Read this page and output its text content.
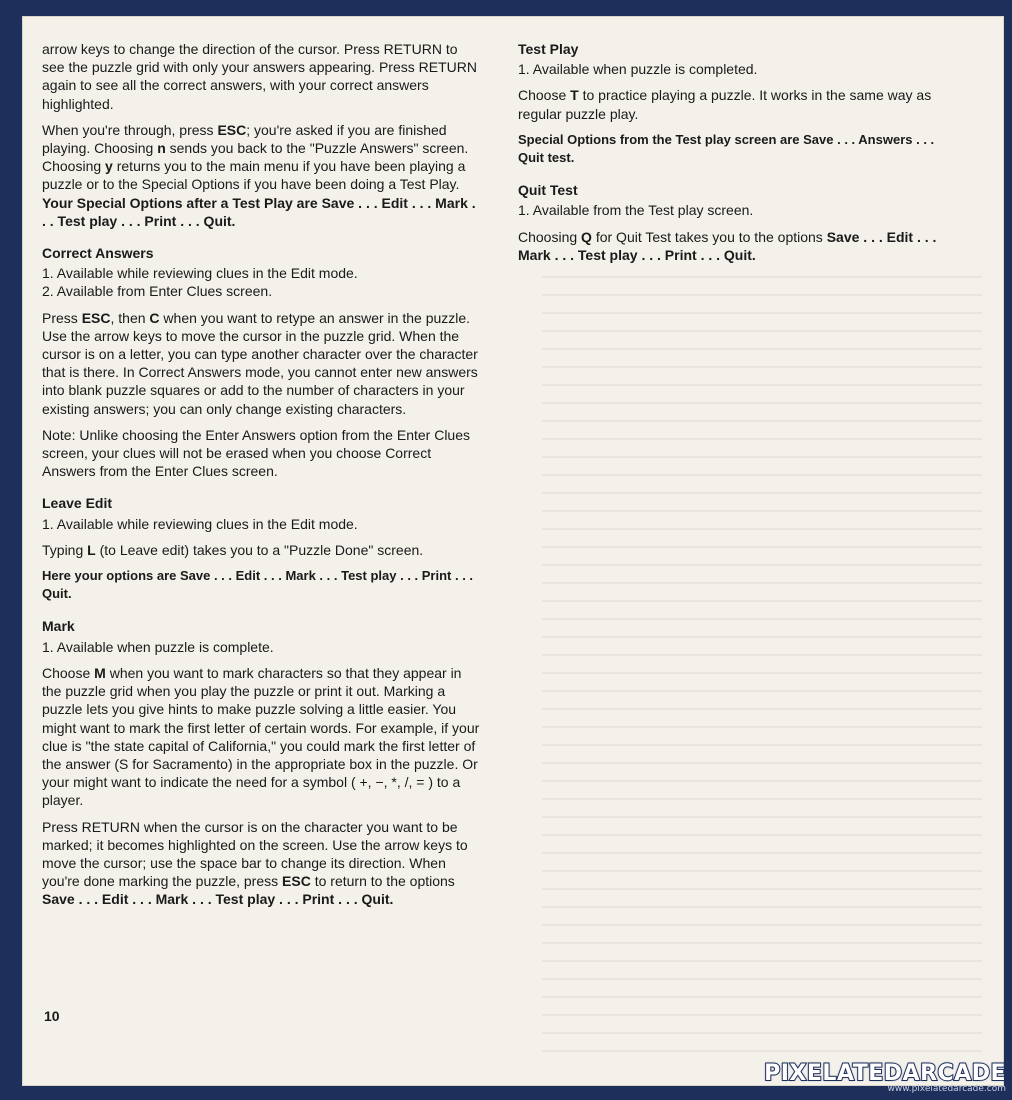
arrow keys to change the direction of the cursor. Press RETURN to see the puzzle grid with only your answers appearing. Press RETURN again to see all the correct answers, with your correct answers highlighted.

When you're through, press ESC; you're asked if you are finished playing. Choosing n sends you back to the "Puzzle Answers" screen. Choosing y returns you to the main menu if you have been playing a puzzle or to the Special Options if you have been doing a Test Play. Your Special Options after a Test Play are Save . . . Edit . . . Mark . . . Test play . . . Print . . . Quit.

Correct Answers
1. Available while reviewing clues in the Edit mode.

2. Available from Enter Clues screen.

Press ESC, then C when you want to retype an answer in the puzzle. Use the arrow keys to move the cursor in the puzzle grid. When the cursor is on a letter, you can type another character over the character that is there. In Correct Answers mode, you cannot enter new answers into blank puzzle squares or add to the number of characters in your existing answers; you can only change existing characters.

Note: Unlike choosing the Enter Answers option from the Enter Clues screen, your clues will not be erased when you choose Correct Answers from the Enter Clues screen.

Leave Edit

1. Available while reviewing clues in the Edit mode.

Typing L (to Leave edit) takes you to a "Puzzle Done" screen.

Here your options are Save . . . Edit . . . Mark . . . Test play . . . Print . . . Quit.

Mark

1. Available when puzzle is complete.

Choose M when you want to mark characters so that they appear in the puzzle grid when you play the puzzle or print it out. Marking a puzzle lets you give hints to make puzzle solving a little easier. You might want to mark the first letter of certain words. For example, if your clue is "the state capital of California," you could mark the first letter of the answer (S for Sacramento) in the appropriate box in the puzzle. Or your might want to indicate the need for a symbol ( +, −, *, /, = ) to a player.

Press RETURN when the cursor is on the character you want to be marked; it becomes highlighted on the screen. Use the arrow keys to move the cursor; use the space bar to change its direction. When you're done marking the puzzle, press ESC to return to the options Save . . . Edit . . . Mark . . . Test play . . . Print . . . Quit.

Test Play

1. Available when puzzle is completed.

Choose T to practice playing a puzzle. It works in the same way as regular puzzle play.

Special Options from the Test play screen are Save . . . Answers . . . Quit test.

Quit Test

1. Available from the Test play screen.

Choosing Q for Quit Test takes you to the options Save . . . Edit . . . Mark . . . Test play . . . Print . . . Quit.

10
PIXELATEDARCADE
www.pixelatedarcade.com
